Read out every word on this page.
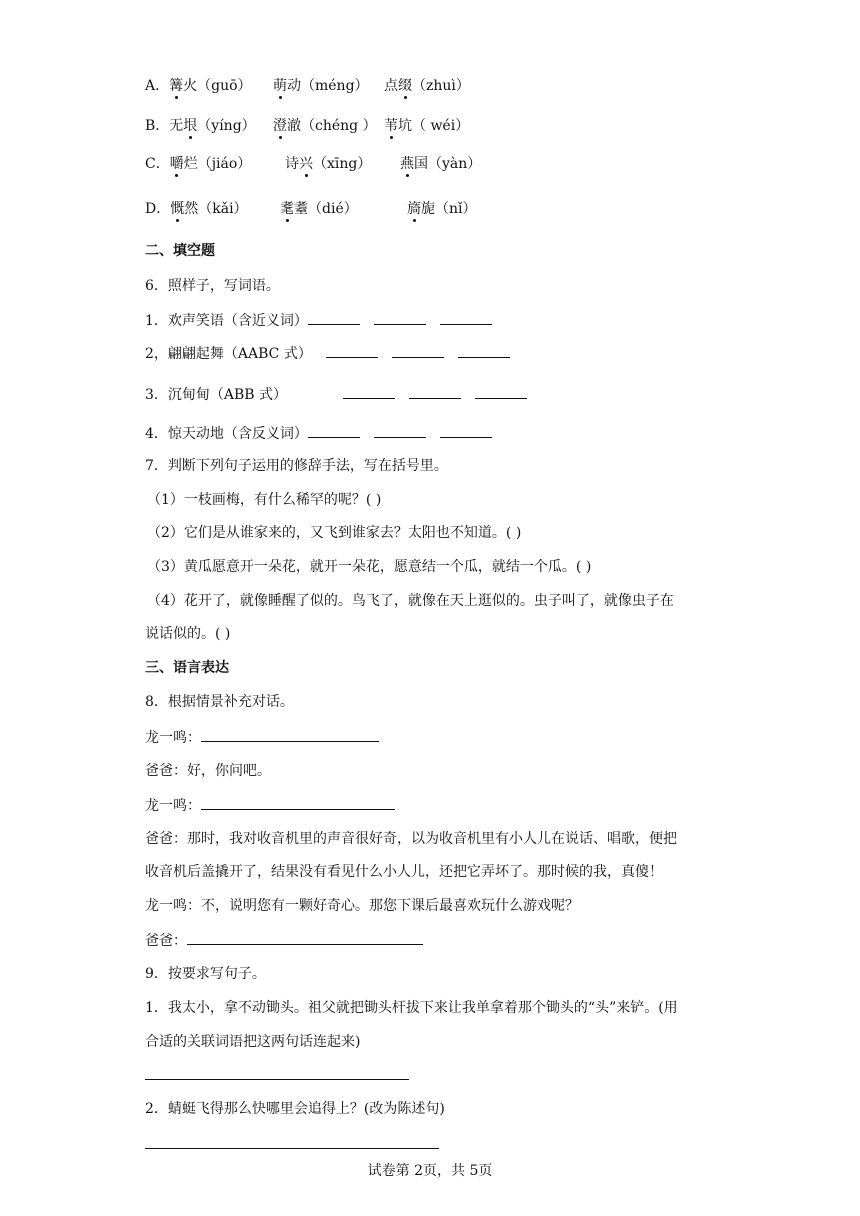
A．篝火（guō） 萌动（méng） 点缀（zhuì）
B．无垠（yíng） 澄澈（chéng ） 苇坑（ wéi）
C．嚼烂（jiáo） 诗兴（xīng） 燕国（yàn）
D．慨然（kǎi） 耄耋（dié）	旖旎（nǐ）
二、填空题
6．照样子，写词语。
1．欢声笑语（含近义词）
2，翩翩起舞（AABC 式）
3．沉甸甸（ABB 式）
4．惊天动地（含反义词）
7．判断下列句子运用的修辞手法，写在括号里。
（1）一枝画梅，有什么稀罕的呢？( )
（2）它们是从谁家来的，又飞到谁家去？太阳也不知道。( )
（3）黄瓜愿意开一朵花，就开一朵花，愿意结一个瓜，就结一个瓜。( )
（4）花开了，就像睡醒了似的。鸟飞了，就像在天上逛似的。虫子叫了，就像虫子在
说话似的。( )
三、语言表达
8．根据情景补充对话。
龙一鸣：
爸爸：好，你问吧。
龙一鸣：
爸爸：那时，我对收音机里的声音很好奇，以为收音机里有小人儿在说话、唱歌，便把
收音机后盖撬开了，结果没有看见什么小人儿，还把它弄坏了。那时候的我，真傻！
龙一鸣：不，说明您有一颗好奇心。那您下课后最喜欢玩什么游戏呢？
爸爸：
9．按要求写句子。
1．我太小，拿不动锄头。祖父就把锄头杆拔下来让我单拿着那个锄头的“头”来铲。(用
合适的关联词语把这两句话连起来)
2．蜻蜓飞得那么快哪里会追得上？(改为陈述句)
试卷第 2页，共 5页
